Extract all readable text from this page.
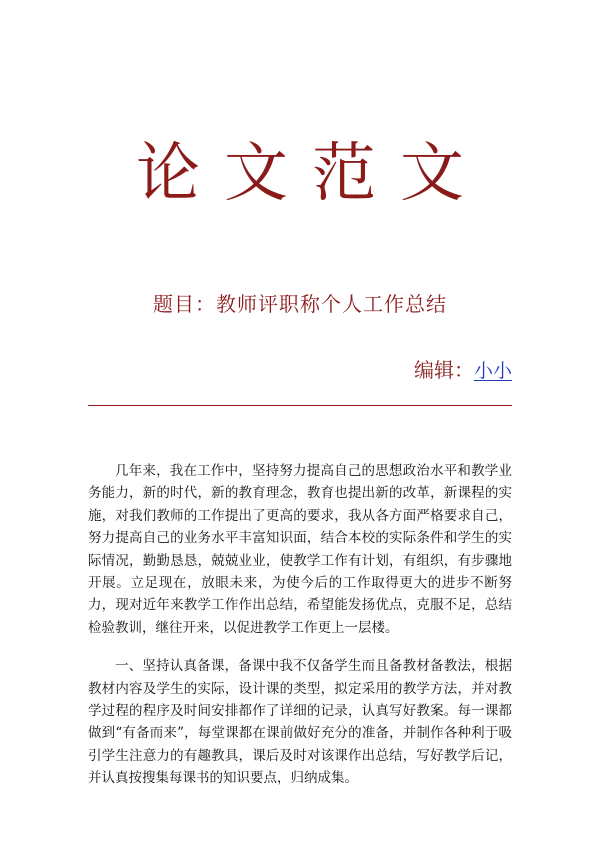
论文范文
题目：教师评职称个人工作总结
编辑：小小

几年来，我在工作中，坚持努力提高自己的思想政治水平和教学业务能力，新的时代，新的教育理念，教育也提出新的改革，新课程的实施，对我们教师的工作提出了更高的要求，我从各方面严格要求自己，努力提高自己的业务水平丰富知识面，结合本校的实际条件和学生的实际情况，勤勤恳恳，兢兢业业，使教学工作有计划，有组织，有步骤地开展。立足现在，放眼未来，为使今后的工作取得更大的进步不断努力，现对近年来教学工作作出总结，希望能发扬优点，克服不足，总结检验教训，继往开来，以促进教学工作更上一层楼。

一、坚持认真备课，备课中我不仅备学生而且备教材备教法，根据教材内容及学生的实际，设计课的类型，拟定采用的教学方法，并对教学过程的程序及时间安排都作了详细的记录，认真写好教案。每一课都做到“有备而来”，每堂课都在课前做好充分的准备，并制作各种利于吸引学生注意力的有趣教具，课后及时对该课作出总结，写好教学后记，并认真按搜集每课书的知识要点，归纳成集。
